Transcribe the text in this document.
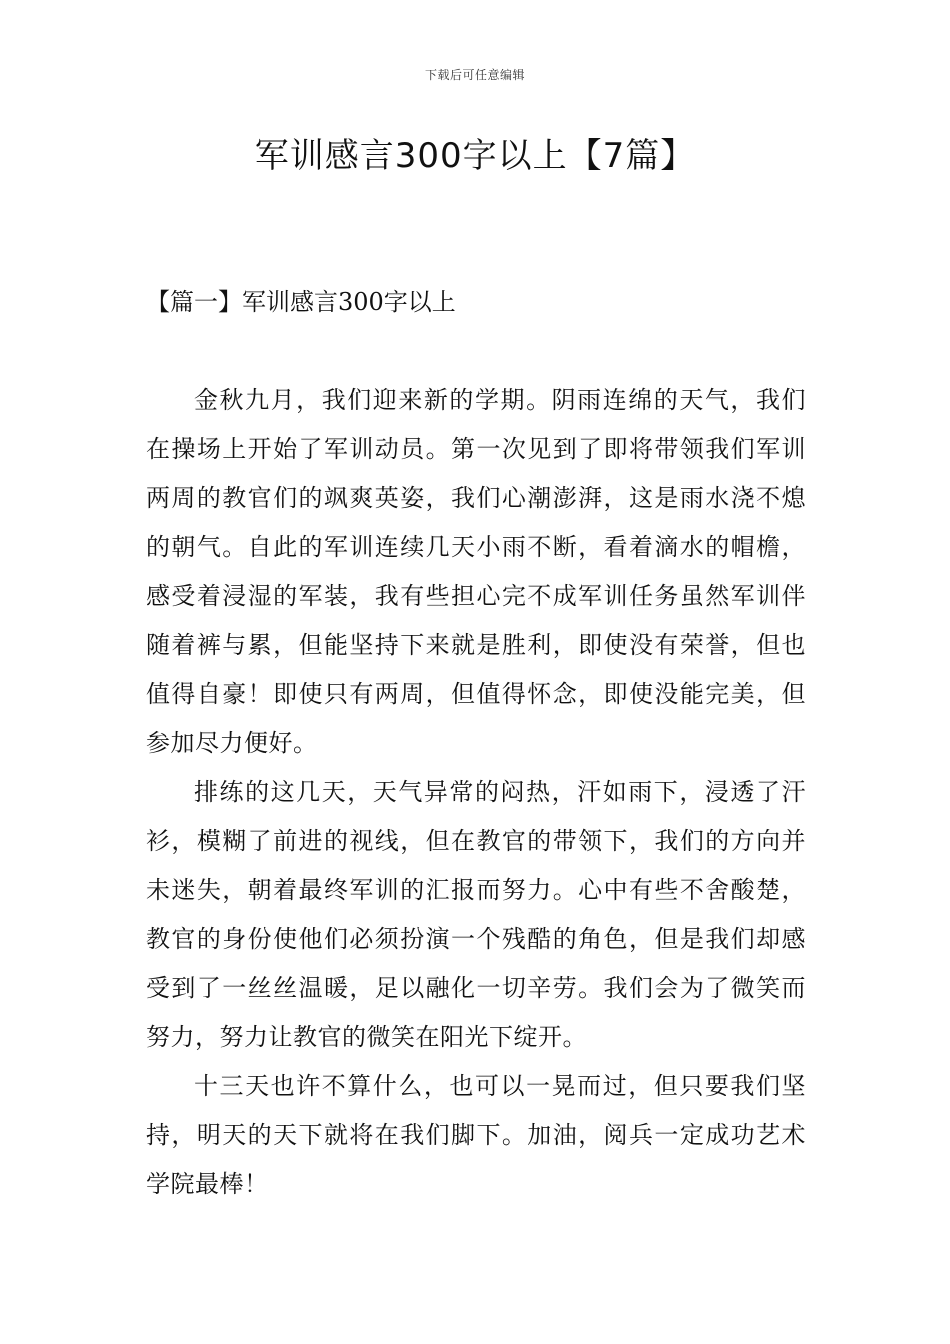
下载后可任意编辑
军训感言300字以上【7篇】
【篇一】军训感言300字以上

金秋九月，我们迎来新的学期。阴雨连绵的天气，我们在操场上开始了军训动员。第一次见到了即将带领我们军训两周的教官们的飒爽英姿，我们心潮澎湃，这是雨水浇不熄的朝气。自此的军训连续几天小雨不断，看着滴水的帽檐，感受着浸湿的军装，我有些担心完不成军训任务虽然军训伴随着裤与累，但能坚持下来就是胜利，即使没有荣誉，但也值得自豪！即使只有两周，但值得怀念，即使没能完美，但参加尽力便好。

排练的这几天，天气异常的闷热，汗如雨下，浸透了汗衫，模糊了前进的视线，但在教官的带领下，我们的方向并未迷失，朝着最终军训的汇报而努力。心中有些不舍酸楚，教官的身份使他们必须扮演一个残酷的角色，但是我们却感受到了一丝丝温暖，足以融化一切辛劳。我们会为了微笑而努力，努力让教官的微笑在阳光下绽开。

十三天也许不算什么，也可以一晃而过，但只要我们坚持，明天的天下就将在我们脚下。加油，阅兵一定成功艺术学院最棒！
